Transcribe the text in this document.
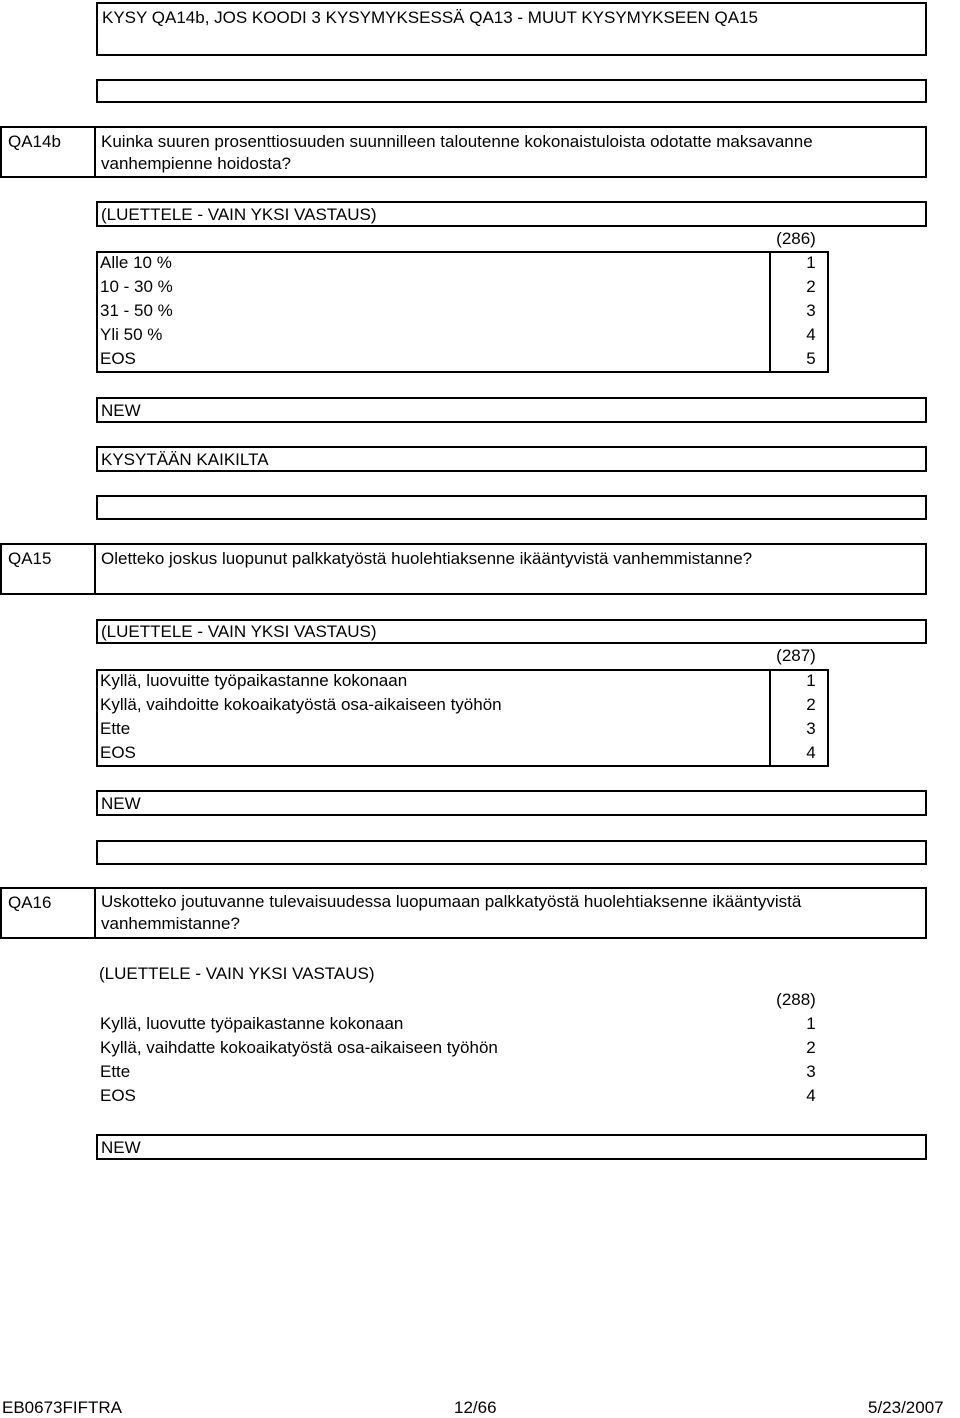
KYSY QA14b, JOS KOODI 3 KYSYMYKSESSÄ QA13 - MUUT KYSYMYKSEEN QA15
QA14b Kuinka suuren prosenttiosuuden suunnilleen taloutenne kokonaistuloista odotatte maksavanne vanhempienne hoidosta?
(LUETTELE - VAIN YKSI VASTAUS)
(286)
Alle 10 %	1
10 - 30 %	2
31 - 50 %	3
Yli 50 %	4
EOS	5
NEW
KYSYTÄÄN KAIKILTA
QA15	Oletteko joskus luopunut palkkatyöstä huolehtiaksenne ikääntyvistä vanhemmistanne?
(LUETTELE - VAIN YKSI VASTAUS)
(287)
Kyllä, luovuitte työpaikastanne kokonaan	1
Kyllä, vaihdoitte kokoaikatyöstä osa-aikaiseen työhön	2
Ette	3
EOS	4
NEW
QA16	Uskotteko joutuvanne tulevaisuudessa luopumaan palkkatyöstä huolehtiaksenne ikääntyvistä vanhemmistanne?
(LUETTELE - VAIN YKSI VASTAUS)
(288)
Kyllä, luovutte työpaikastanne kokonaan	1
Kyllä, vaihdatte kokoaikatyöstä osa-aikaiseen työhön	2
Ette	3
EOS	4
NEW
EB0673FIFTRA	12/66	5/23/2007
